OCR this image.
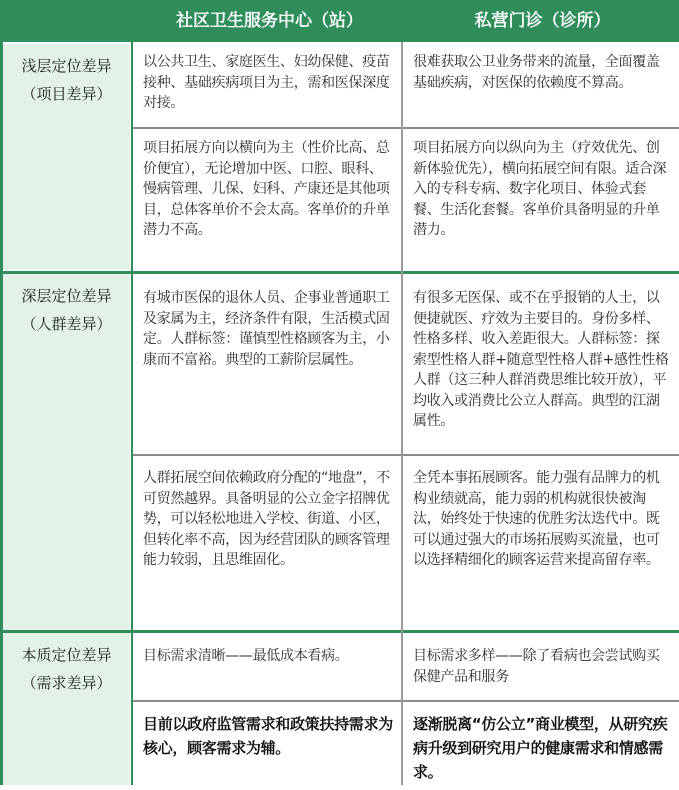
社区卫生服务中心（站）	私营门诊（诊所）
浅层定位差异
（项目差异）
以公共卫生、家庭医生、妇幼保健、疫苗接种、基础疾病项目为主，需和医保深度对接。
很难获取公卫业务带来的流量，全面覆盖基础疾病，对医保的依赖度不算高。
项目拓展方向以横向为主（性价比高、总价便宜），无论增加中医、口腔、眼科、慢病管理、儿保、妇科、产康还是其他项目，总体客单价不会太高。客单价的升单潜力不高。
项目拓展方向以纵向为主（疗效优先、创新体验优先），横向拓展空间有限。适合深入的专科专病、数字化项目、体验式套餐、生活化套餐。客单价具备明显的升单潜力。
深层定位差异
（人群差异）
有城市医保的退休人员、企事业普通职工及家属为主，经济条件有限，生活模式固定。人群标签：谨慎型性格顾客为主，小康而不富裕。典型的工薪阶层属性。
有很多无医保、或不在乎报销的人士，以便捷就医、疗效为主要目的。身份多样、性格多样、收入差距很大。人群标签：探索型性格人群+随意型性格人群+感性性格人群（这三种人群消费思维比较开放），平均收入或消费比公立人群高。典型的江湖属性。
人群拓展空间依赖政府分配的“地盘”，不可贸然越界。具备明显的公立金字招牌优势，可以轻松地进入学校、街道、小区，但转化率不高，因为经营团队的顾客管理能力较弱，且思维固化。
全凭本事拓展顾客。能力强有品牌力的机构业绩就高，能力弱的机构就很快被淘汰，始终处于快速的优胜劣汰迭代中。既可以通过强大的市场拓展购买流量，也可以选择精细化的顾客运营来提高留存率。
本质定位差异
（需求差异）
目标需求清晰——最低成本看病。	目标需求多样——除了看病也会尝试购买保健产品和服务
目前以政府监管需求和政策扶持需求为核心，顾客需求为辅。
逐渐脱离“仿公立”商业模型，从研究疾病升级到研究用户的健康需求和情感需求。
